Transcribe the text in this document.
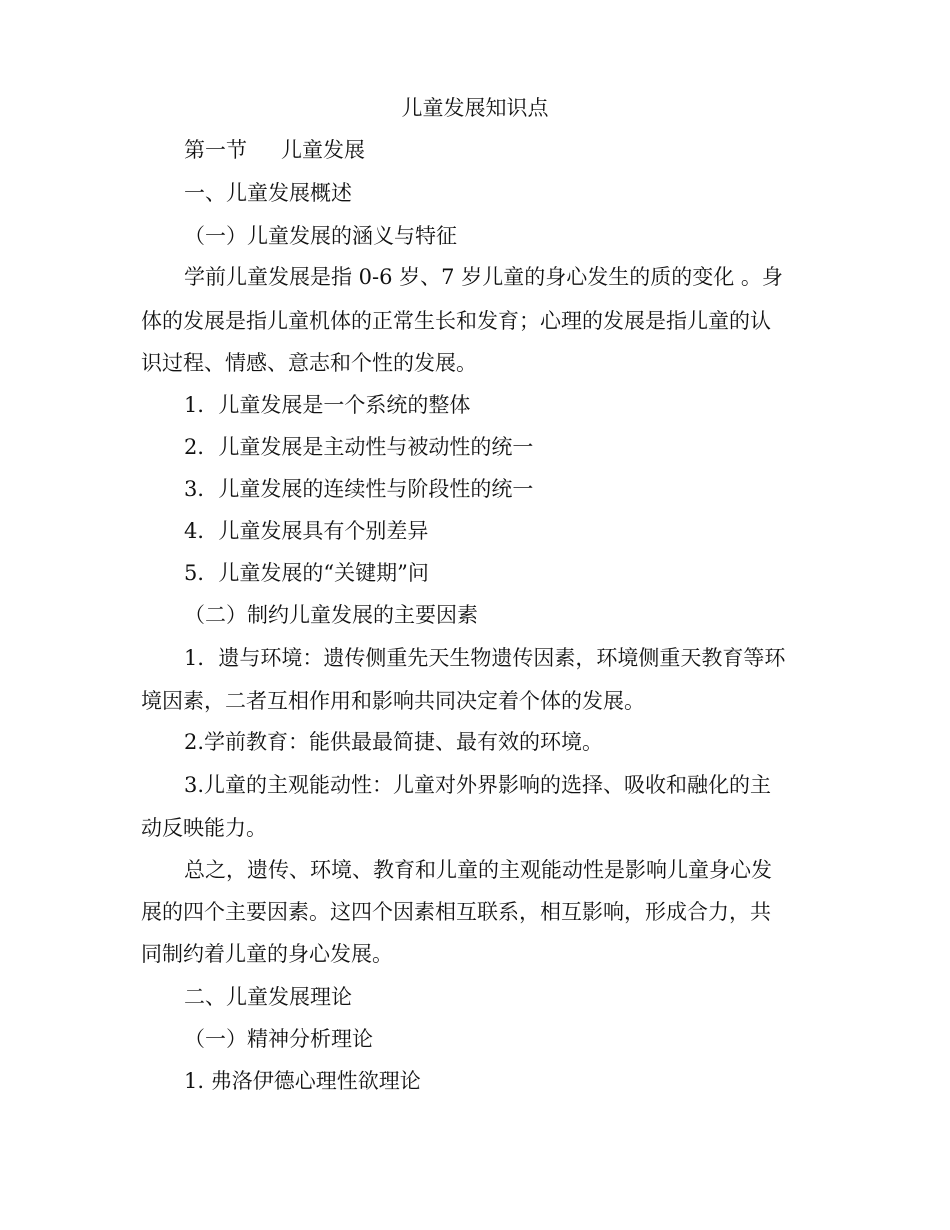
儿童发展知识点

第一节 儿童发展

一、儿童发展概述

（一）儿童发展的涵义与特征

学前儿童发展是指 0-6 岁、7 岁儿童的身心发生的质的变化 。身

体的发展是指儿童机体的正常生长和发育；心理的发展是指儿童的认

识过程、情感、意志和个性的发展。

1．儿童发展是一个系统的整体

2．儿童发展是主动性与被动性的统一

3．儿童发展的连续性与阶段性的统一

4．儿童发展具有个别差异

5．儿童发展的“关键期”问

（二）制约儿童发展的主要因素

1．遗与环境：遗传侧重先天生物遗传因素，环境侧重天教育等环

境因素，二者互相作用和影响共同决定着个体的发展。

2.学前教育：能供最最简捷、最有效的环境。

3.儿童的主观能动性：儿童对外界影响的选择、吸收和融化的主

动反映能力。

总之，遗传、环境、教育和儿童的主观能动性是影响儿童身心发

展的四个主要因素。这四个因素相互联系，相互影响，形成合力，共

同制约着儿童的身心发展。

二、儿童发展理论

（一）精神分析理论

1. 弗洛伊德心理性欲理论
